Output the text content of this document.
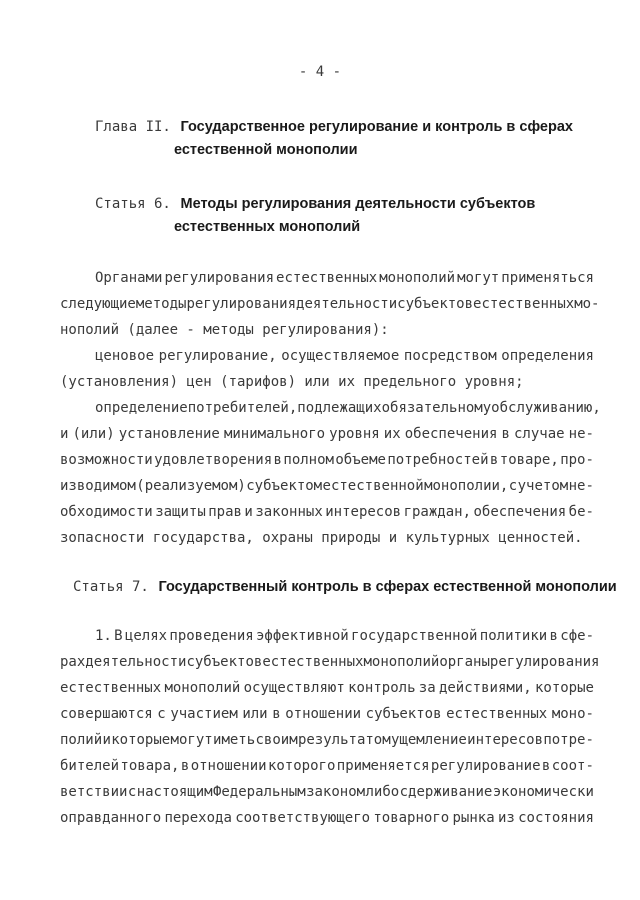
- 4 -
Глава II. Государственное регулирование и контроль в сферах
естественной монополии
Статья 6. Методы регулирования деятельности субъектов
естественных монополий
Органами регулирования естественных монополий могут применяться
следующие методы регулирования деятельности субъектов естественных мо-
нополий (далее - методы регулирования):
ценовое регулирование, осуществляемое посредством определения
(установления) цен (тарифов) или их предельного уровня;
определение потребителей, подлежащих обязательному обслуживанию,
и (или) установление минимального уровня их обеспечения в случае не-
возможности удовлетворения в полном объеме потребностей в товаре, про-
изводимом (реализуемом) субъектом естественной монополии, с учетом не-
обходимости защиты прав и законных интересов граждан, обеспечения бе-
зопасности государства, охраны природы и культурных ценностей.
Статья 7. Государственный контроль в сферах естественной монополии
1. В целях проведения эффективной государственной политики в сфе-
рах деятельности субъектов естественных монополий органы регулирования
естественных монополий осуществляют контроль за действиями, которые
совершаются с участием или в отношении субъектов естественных моно-
полий и которые могут иметь своим результатом ущемление интересов потре-
бителей товара, в отношении которого применяется регулирование в соот-
ветствии с настоящим Федеральным законом либо сдерживание экономически
оправданного перехода соответствующего товарного рынка из состояния
